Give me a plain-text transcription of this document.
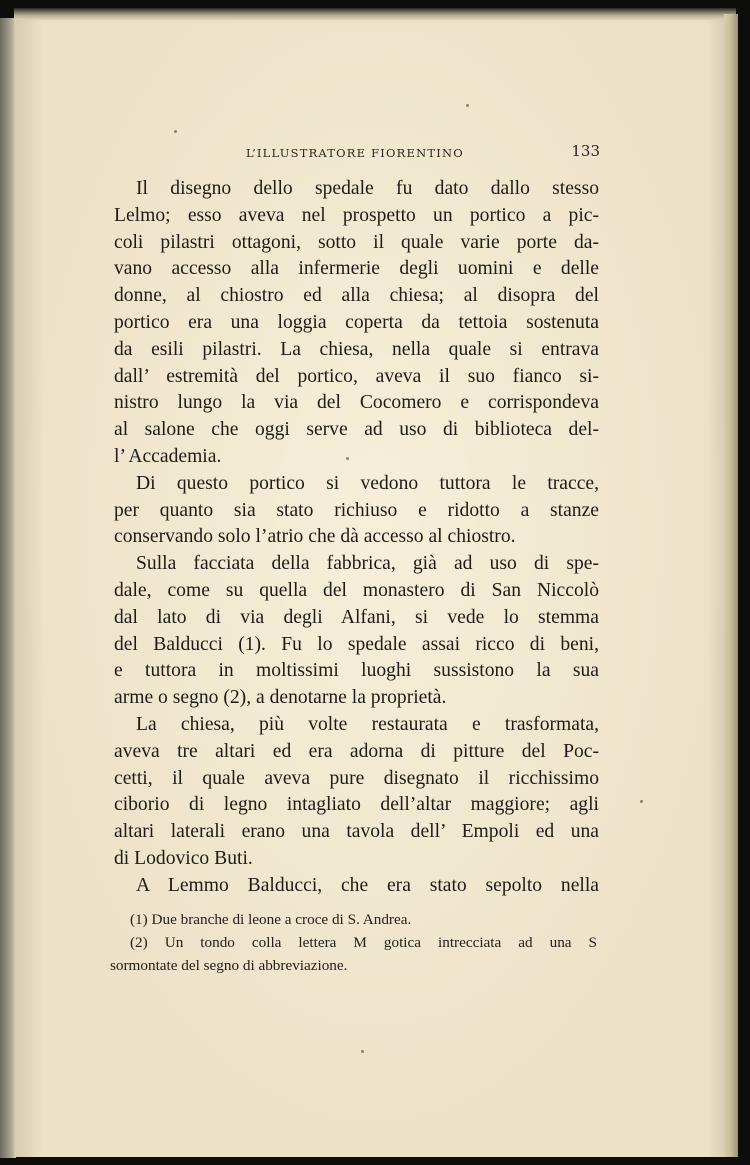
L’ILLUSTRATORE FIORENTINO	133
Il disegno dello spedale fu dato dallo stesso
Lelmo; esso aveva nel prospetto un portico a pic-
coli pilastri ottagoni, sotto il quale varie porte da-
vano accesso alla infermerie degli uomini e delle
donne, al chiostro ed alla chiesa; al disopra del
portico era una loggia coperta da tettoia sostenuta
da esili pilastri. La chiesa, nella quale si entrava
dall’ estremità del portico, aveva il suo fianco si-
nistro lungo la via del Cocomero e corrispondeva
al salone che oggi serve ad uso di biblioteca del-
l’ Accademia.
Di questo portico si vedono tuttora le tracce,
per quanto sia stato richiuso e ridotto a stanze
conservando solo l’atrio che dà accesso al chiostro.
Sulla facciata della fabbrica, già ad uso di spe-
dale, come su quella del monastero di San Niccolò
dal lato di via degli Alfani, si vede lo stemma
del Balducci (1). Fu lo spedale assai ricco di beni,
e tuttora in moltissimi luoghi sussistono la sua
arme o segno (2), a denotarne la proprietà.
La chiesa, più volte restaurata e trasformata,
aveva tre altari ed era adorna di pitture del Poc-
cetti, il quale aveva pure disegnato il ricchissimo
ciborio di legno intagliato dell’altar maggiore; agli
altari laterali erano una tavola dell’ Empoli ed una
di Lodovico Buti.
A Lemmo Balducci, che era stato sepolto nella
(1) Due branche di leone a croce di S. Andrea.
(2) Un tondo colla lettera M gotica intrecciata ad una S
sormontate del segno di abbreviazione.
